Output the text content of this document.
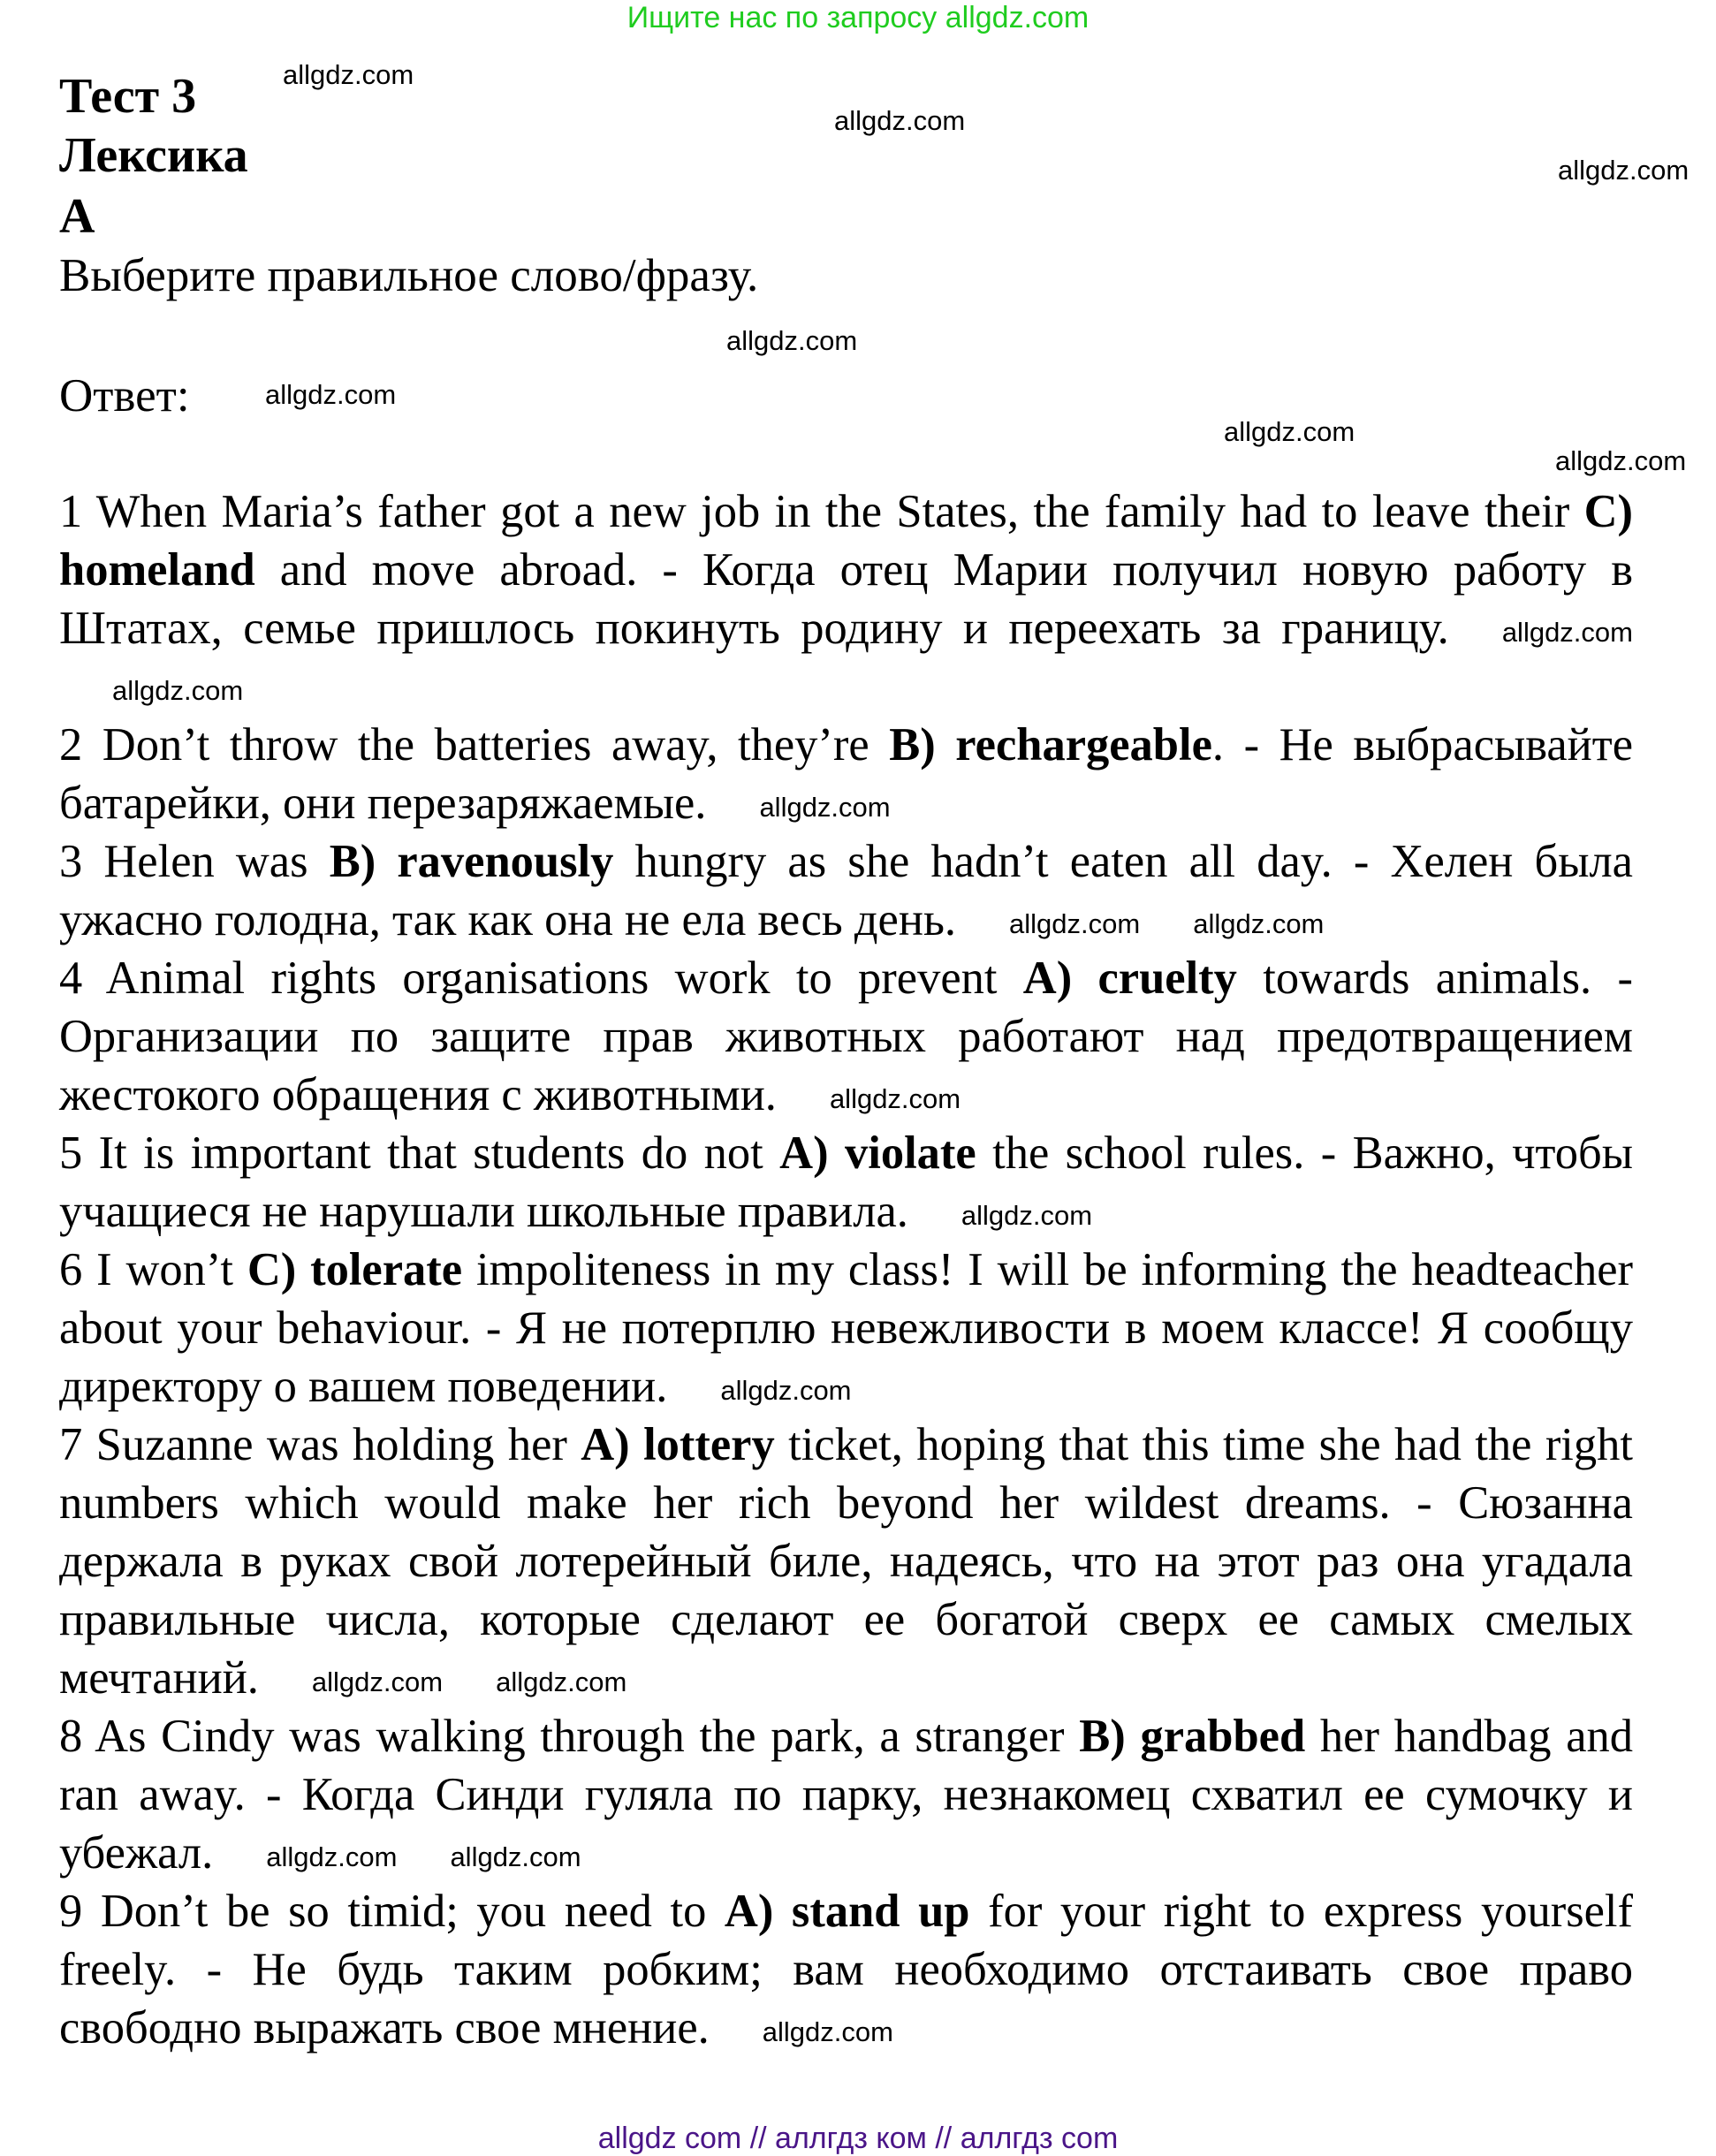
Ищите нас по запросу allgdz.com
Тест 3
Лексика
A
Выберите правильное слово/фразу.
Ответ:

1 When Maria’s father got a new job in the States, the family had to leave their C) homeland and move abroad. - Когда отец Марии получил новую работу в Штатах, семье пришлось покинуть родину и переехать за границу. allgdz.comallgdz.com

2 Don’t throw the batteries away, they’re B) rechargeable. - Не выбрасывайте батарейки, они перезаряжаемые. allgdz.com

3 Helen was B) ravenously hungry as she hadn’t eaten all day. - Хелен была ужасно голодна, так как она не ела весь день. allgdz.com allgdz.com

4 Animal rights organisations work to prevent A) cruelty towards animals. - Организации по защите прав животных работают над предотвращением жестокого обращения с животными. allgdz.com

5 It is important that students do not A) violate the school rules. - Важно, чтобы учащиеся не нарушали школьные правила. allgdz.com

6 I won’t C) tolerate impoliteness in my class! I will be informing the headteacher about your behaviour. - Я не потерплю невежливости в моем классе! Я сообщу директору о вашем поведении. allgdz.com

7 Suzanne was holding her A) lottery ticket, hoping that this time she had the right numbers which would make her rich beyond her wildest dreams. - Сюзанна держала в руках свой лотерейный биле, надеясь, что на этот раз она угадала правильные числа, которые сделают ее богатой сверх ее самых смелых мечтаний. allgdz.com allgdz.com

8 As Cindy was walking through the park, a stranger B) grabbed her handbag and ran away. - Когда Синди гуляла по парку, незнакомец схватил ее сумочку и убежал. allgdz.com allgdz.com

9 Don’t be so timid; you need to A) stand up for your right to express yourself freely. - Не будь таким робким; вам необходимо отстаивать свое право свободно выражать свое мнение. allgdz.com

allgdz.com
allgdz.com
allgdz.com
allgdz.com
allgdz.com
allgdz.com
allgdz.com
allgdz com // аллгдз ком // аллгдз com
